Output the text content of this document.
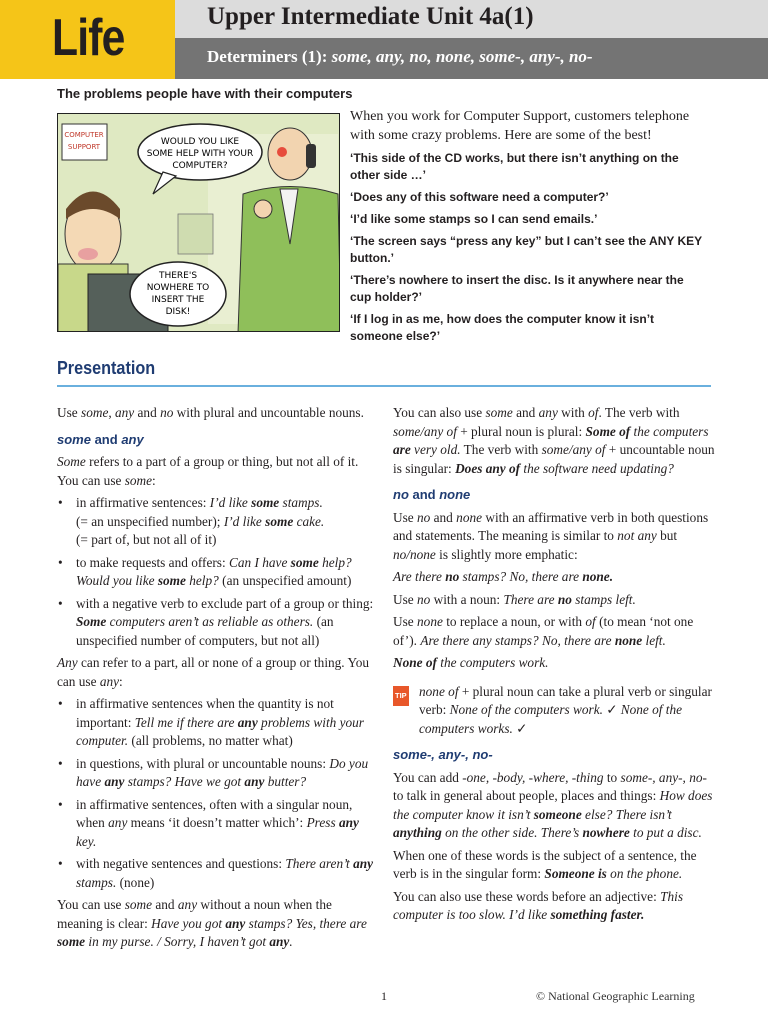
Life	Upper Intermediate Unit 4a(1)
Determiners (1): some, any, no, none, some-, any-, no-
The problems people have with their computers
COMPUTER
SUPPORT	WOULD YOU LIKE
SOME HELP WITH YOUR
COMPUTER?
THERE'S
NOWHERE TO
INSERT THE
DISK!

When you work for Computer Support, customers telephone with some crazy problems. Here are some of the best!

‘This side of the CD works, but there isn’t anything on the other side …’

‘Does any of this software need a computer?’

‘I’d like some stamps so I can send emails.’

‘The screen says “press any key” but I can’t see the ANY KEY button.’

‘There’s nowhere to insert the disc. Is it anywhere near the cup holder?’

‘If I log in as me, how does the computer know it isn’t someone else?’

Presentation

Use some, any and no with plural and uncountable nouns.

some and any

Some refers to a part of a group or thing, but not all of it. You can use some:

• in affirmative sentences: I’d like some stamps.
(= an unspecified number); I’d like some cake.
(= part of, but not all of it)
• to make requests and offers: Can I have some help? Would you like some help? (an unspecified amount)
• with a negative verb to exclude part of a group or thing: Some computers aren’t as reliable as others. (an unspecified number of computers, but not all)

Any can refer to a part, all or none of a group or thing. You can use any:

• in affirmative sentences when the quantity is not important: Tell me if there are any problems with your computer. (all problems, no matter what)
• in questions, with plural or uncountable nouns: Do you have any stamps? Have we got any butter?
• in affirmative sentences, often with a singular noun, when any means ‘it doesn’t matter which’: Press any key.
• with negative sentences and questions: There aren’t any stamps. (none)

You can use some and any without a noun when the meaning is clear: Have you got any stamps? Yes, there are some in my purse. / Sorry, I haven’t got any.

You can also use some and any with of. The verb with some/any of + plural noun is plural: Some of the computers are very old. The verb with some/any of + uncountable noun is singular: Does any of the software need updating?

no and none

Use no and none with an affirmative verb in both questions and statements. The meaning is similar to not any but no/none is slightly more emphatic:

Are there no stamps? No, there are none.

Use no with a noun: There are no stamps left.

Use none to replace a noun, or with of (to mean ‘not one of’). Are there any stamps? No, there are none left.

None of the computers work.

TIP none of + plural noun can take a plural verb or singular verb: None of the computers work. ✓ None of the computers works. ✓
some-, any-, no-

You can add -one, -body, -where, -thing to some-, any-, no- to talk in general about people, places and things: How does the computer know it isn’t someone else? There isn’t anything on the other side. There’s nowhere to put a disc.

When one of these words is the subject of a sentence, the verb is in the singular form: Someone is on the phone.

You can also use these words before an adjective: This computer is too slow. I’d like something faster.

1	© National Geographic Learning
